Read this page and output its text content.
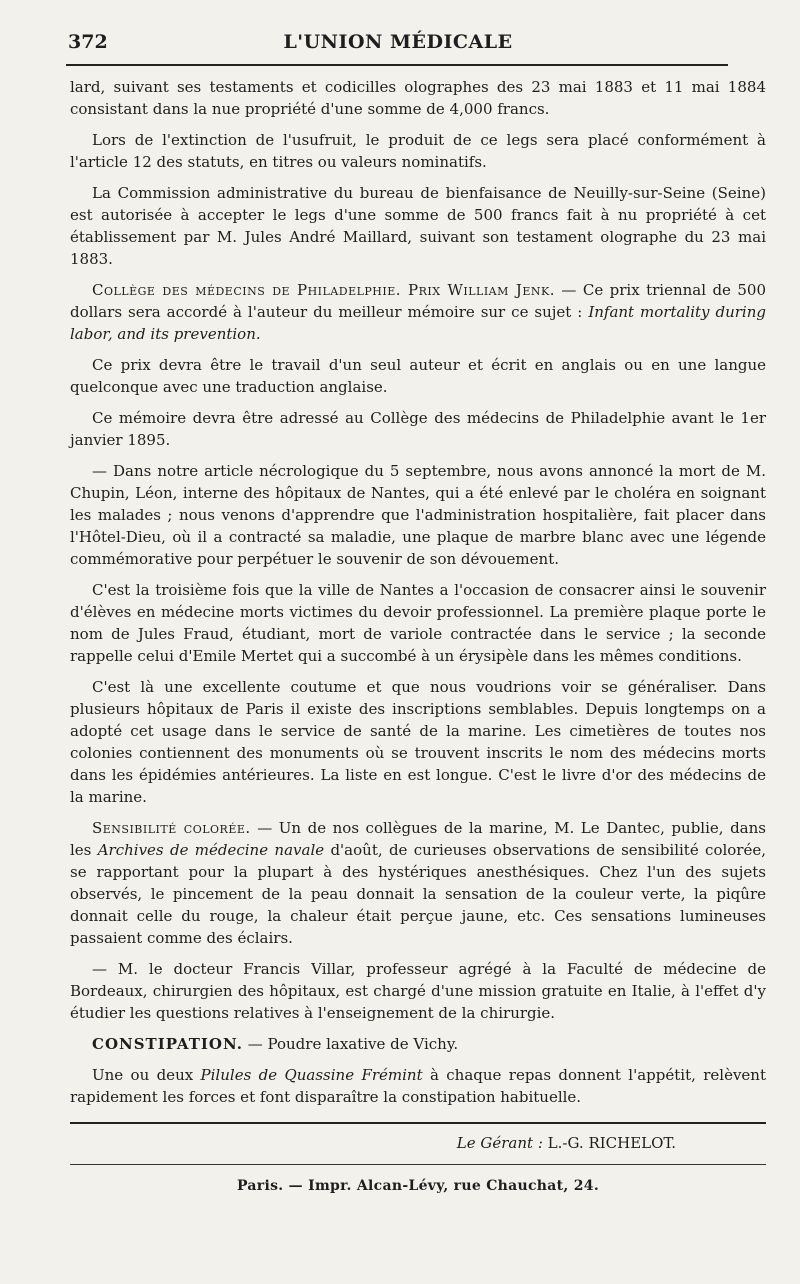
372	L'UNION MÉDICALE

lard, suivant ses testaments et codicilles olographes des 23 mai 1883 et 11 mai 1884 consistant dans la nue propriété d'une somme de 4,000 francs.

Lors de l'extinction de l'usufruit, le produit de ce legs sera placé conformément à l'article 12 des statuts, en titres ou valeurs nominatifs.

La Commission administrative du bureau de bienfaisance de Neuilly-sur-Seine (Seine) est autorisée à accepter le legs d'une somme de 500 francs fait à nu propriété à cet établissement par M. Jules André Maillard, suivant son testament olographe du 23 mai 1883.

Collège des médecins de Philadelphie. Prix William Jenk. — Ce prix triennal de 500 dollars sera accordé à l'auteur du meilleur mémoire sur ce sujet : Infant mortality during labor, and its prevention.

Ce prix devra être le travail d'un seul auteur et écrit en anglais ou en une langue quelconque avec une traduction anglaise.

Ce mémoire devra être adressé au Collège des médecins de Philadelphie avant le 1er janvier 1895.

— Dans notre article nécrologique du 5 septembre, nous avons annoncé la mort de M. Chupin, Léon, interne des hôpitaux de Nantes, qui a été enlevé par le choléra en soignant les malades ; nous venons d'apprendre que l'administration hospitalière, fait placer dans l'Hôtel-Dieu, où il a contracté sa maladie, une plaque de marbre blanc avec une légende commémorative pour perpétuer le souvenir de son dévouement.

C'est la troisième fois que la ville de Nantes a l'occasion de consacrer ainsi le souvenir d'élèves en médecine morts victimes du devoir professionnel. La première plaque porte le nom de Jules Fraud, étudiant, mort de variole contractée dans le service ; la seconde rappelle celui d'Emile Mertet qui a succombé à un érysipèle dans les mêmes conditions.

C'est là une excellente coutume et que nous voudrions voir se généraliser. Dans plusieurs hôpitaux de Paris il existe des inscriptions semblables. Depuis longtemps on a adopté cet usage dans le service de santé de la marine. Les cimetières de toutes nos colonies contiennent des monuments où se trouvent inscrits le nom des médecins morts dans les épidémies antérieures. La liste en est longue. C'est le livre d'or des médecins de la marine.

Sensibilité colorée. — Un de nos collègues de la marine, M. Le Dantec, publie, dans les Archives de médecine navale d'août, de curieuses observations de sensibilité colorée, se rapportant pour la plupart à des hystériques anesthésiques. Chez l'un des sujets observés, le pincement de la peau donnait la sensation de la couleur verte, la piqûre donnait celle du rouge, la chaleur était perçue jaune, etc. Ces sensations lumineuses passaient comme des éclairs.

— M. le docteur Francis Villar, professeur agrégé à la Faculté de médecine de Bordeaux, chirurgien des hôpitaux, est chargé d'une mission gratuite en Italie, à l'effet d'y étudier les questions relatives à l'enseignement de la chirurgie.

CONSTIPATION. — Poudre laxative de Vichy.

Une ou deux Pilules de Quassine Frémint à chaque repas donnent l'appétit, relèvent rapidement les forces et font disparaître la constipation habituelle.

Le Gérant : L.-G. RICHELOT.
Paris. — Impr. Alcan-Lévy, rue Chauchat, 24.
